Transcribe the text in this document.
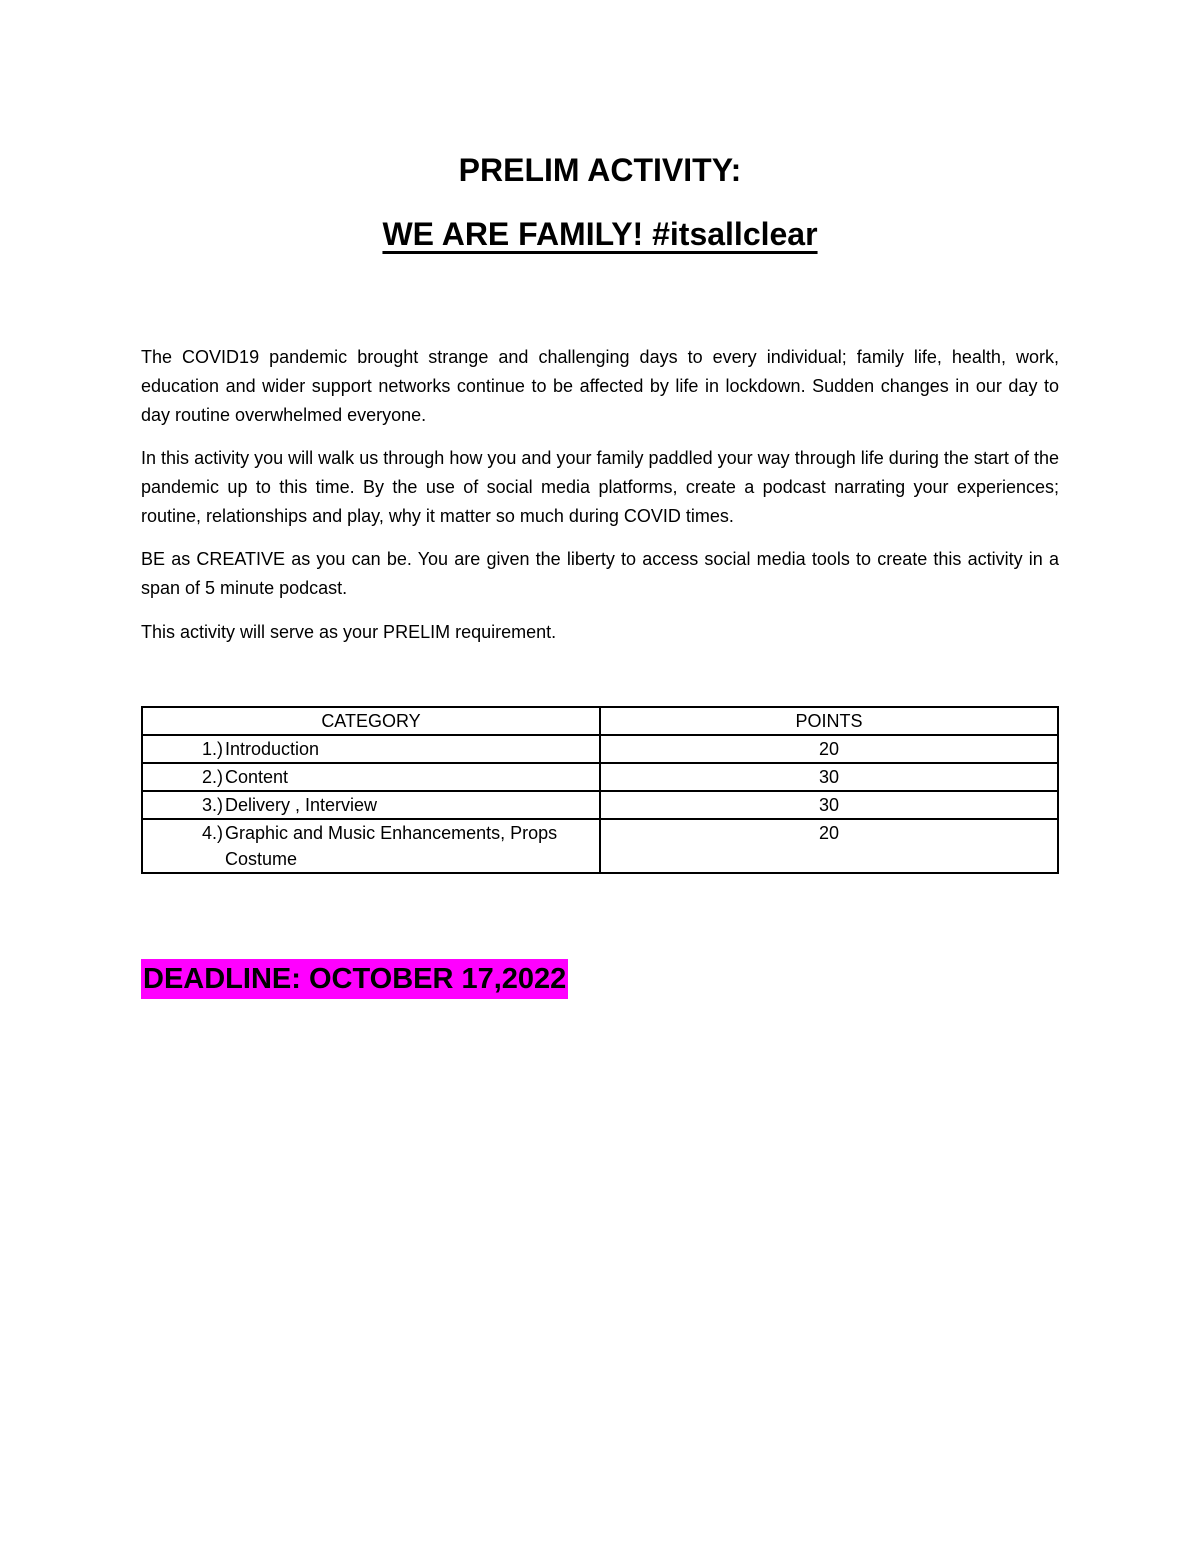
PRELIM ACTIVITY:
WE ARE FAMILY! #itsallclear

The COVID19 pandemic brought strange and challenging days to every individual; family life, health, work, education and wider support networks continue to be affected by life in lockdown. Sudden changes in our day to day routine overwhelmed everyone.

In this activity you will walk us through how you and your family paddled your way through life during the start of the pandemic up to this time. By the use of social media platforms, create a podcast narrating your experiences; routine, relationships and play, why it matter so much during COVID times.

BE as CREATIVE as you can be. You are given the liberty to access social media tools to create this activity in a span of 5 minute podcast.

This activity will serve as your PRELIM requirement.

CATEGORY	POINTS
1.) Introduction	20
2.) Content	30
3.) Delivery , Interview	30
4.) Graphic and Music Enhancements, Props Costume	20

DEADLINE: OCTOBER 17,2022
